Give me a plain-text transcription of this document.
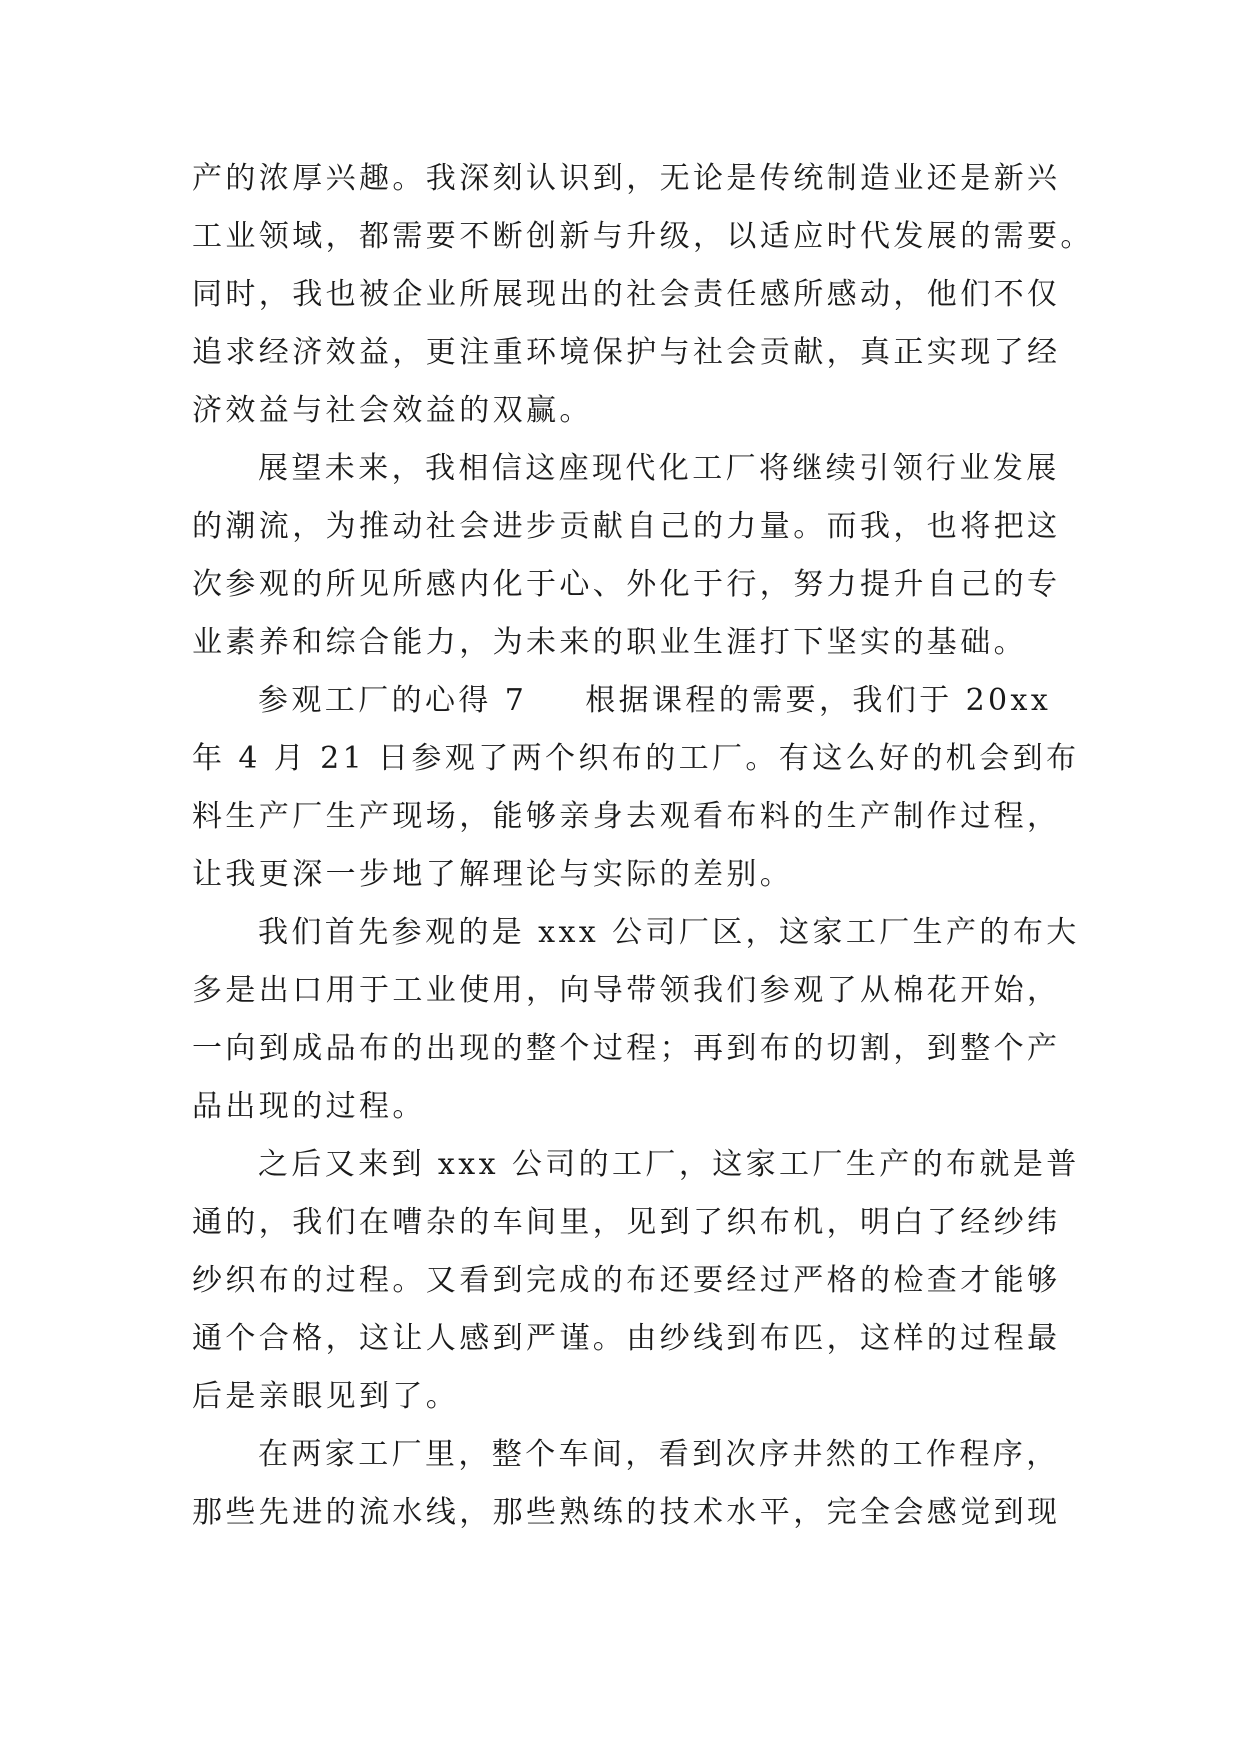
产的浓厚兴趣。我深刻认识到，无论是传统制造业还是新兴
工业领域，都需要不断创新与升级，以适应时代发展的需要。
同时，我也被企业所展现出的社会责任感所感动，他们不仅
追求经济效益，更注重环境保护与社会贡献，真正实现了经
济效益与社会效益的双赢。
展望未来，我相信这座现代化工厂将继续引领行业发展
的潮流，为推动社会进步贡献自己的力量。而我，也将把这
次参观的所见所感内化于心、外化于行，努力提升自己的专
业素养和综合能力，为未来的职业生涯打下坚实的基础。
参观工厂的心得 7 根据课程的需要，我们于 20xx
年 4 月 21 日参观了两个织布的工厂。有这么好的机会到布
料生产厂生产现场，能够亲身去观看布料的生产制作过程，
让我更深一步地了解理论与实际的差别。
我们首先参观的是 xxx 公司厂区，这家工厂生产的布大
多是出口用于工业使用，向导带领我们参观了从棉花开始，
一向到成品布的出现的整个过程；再到布的切割，到整个产
品出现的过程。
之后又来到 xxx 公司的工厂，这家工厂生产的布就是普
通的，我们在嘈杂的车间里，见到了织布机，明白了经纱纬
纱织布的过程。又看到完成的布还要经过严格的检查才能够
通个合格，这让人感到严谨。由纱线到布匹，这样的过程最
后是亲眼见到了。
在两家工厂里，整个车间，看到次序井然的工作程序，
那些先进的流水线，那些熟练的技术水平，完全会感觉到现
